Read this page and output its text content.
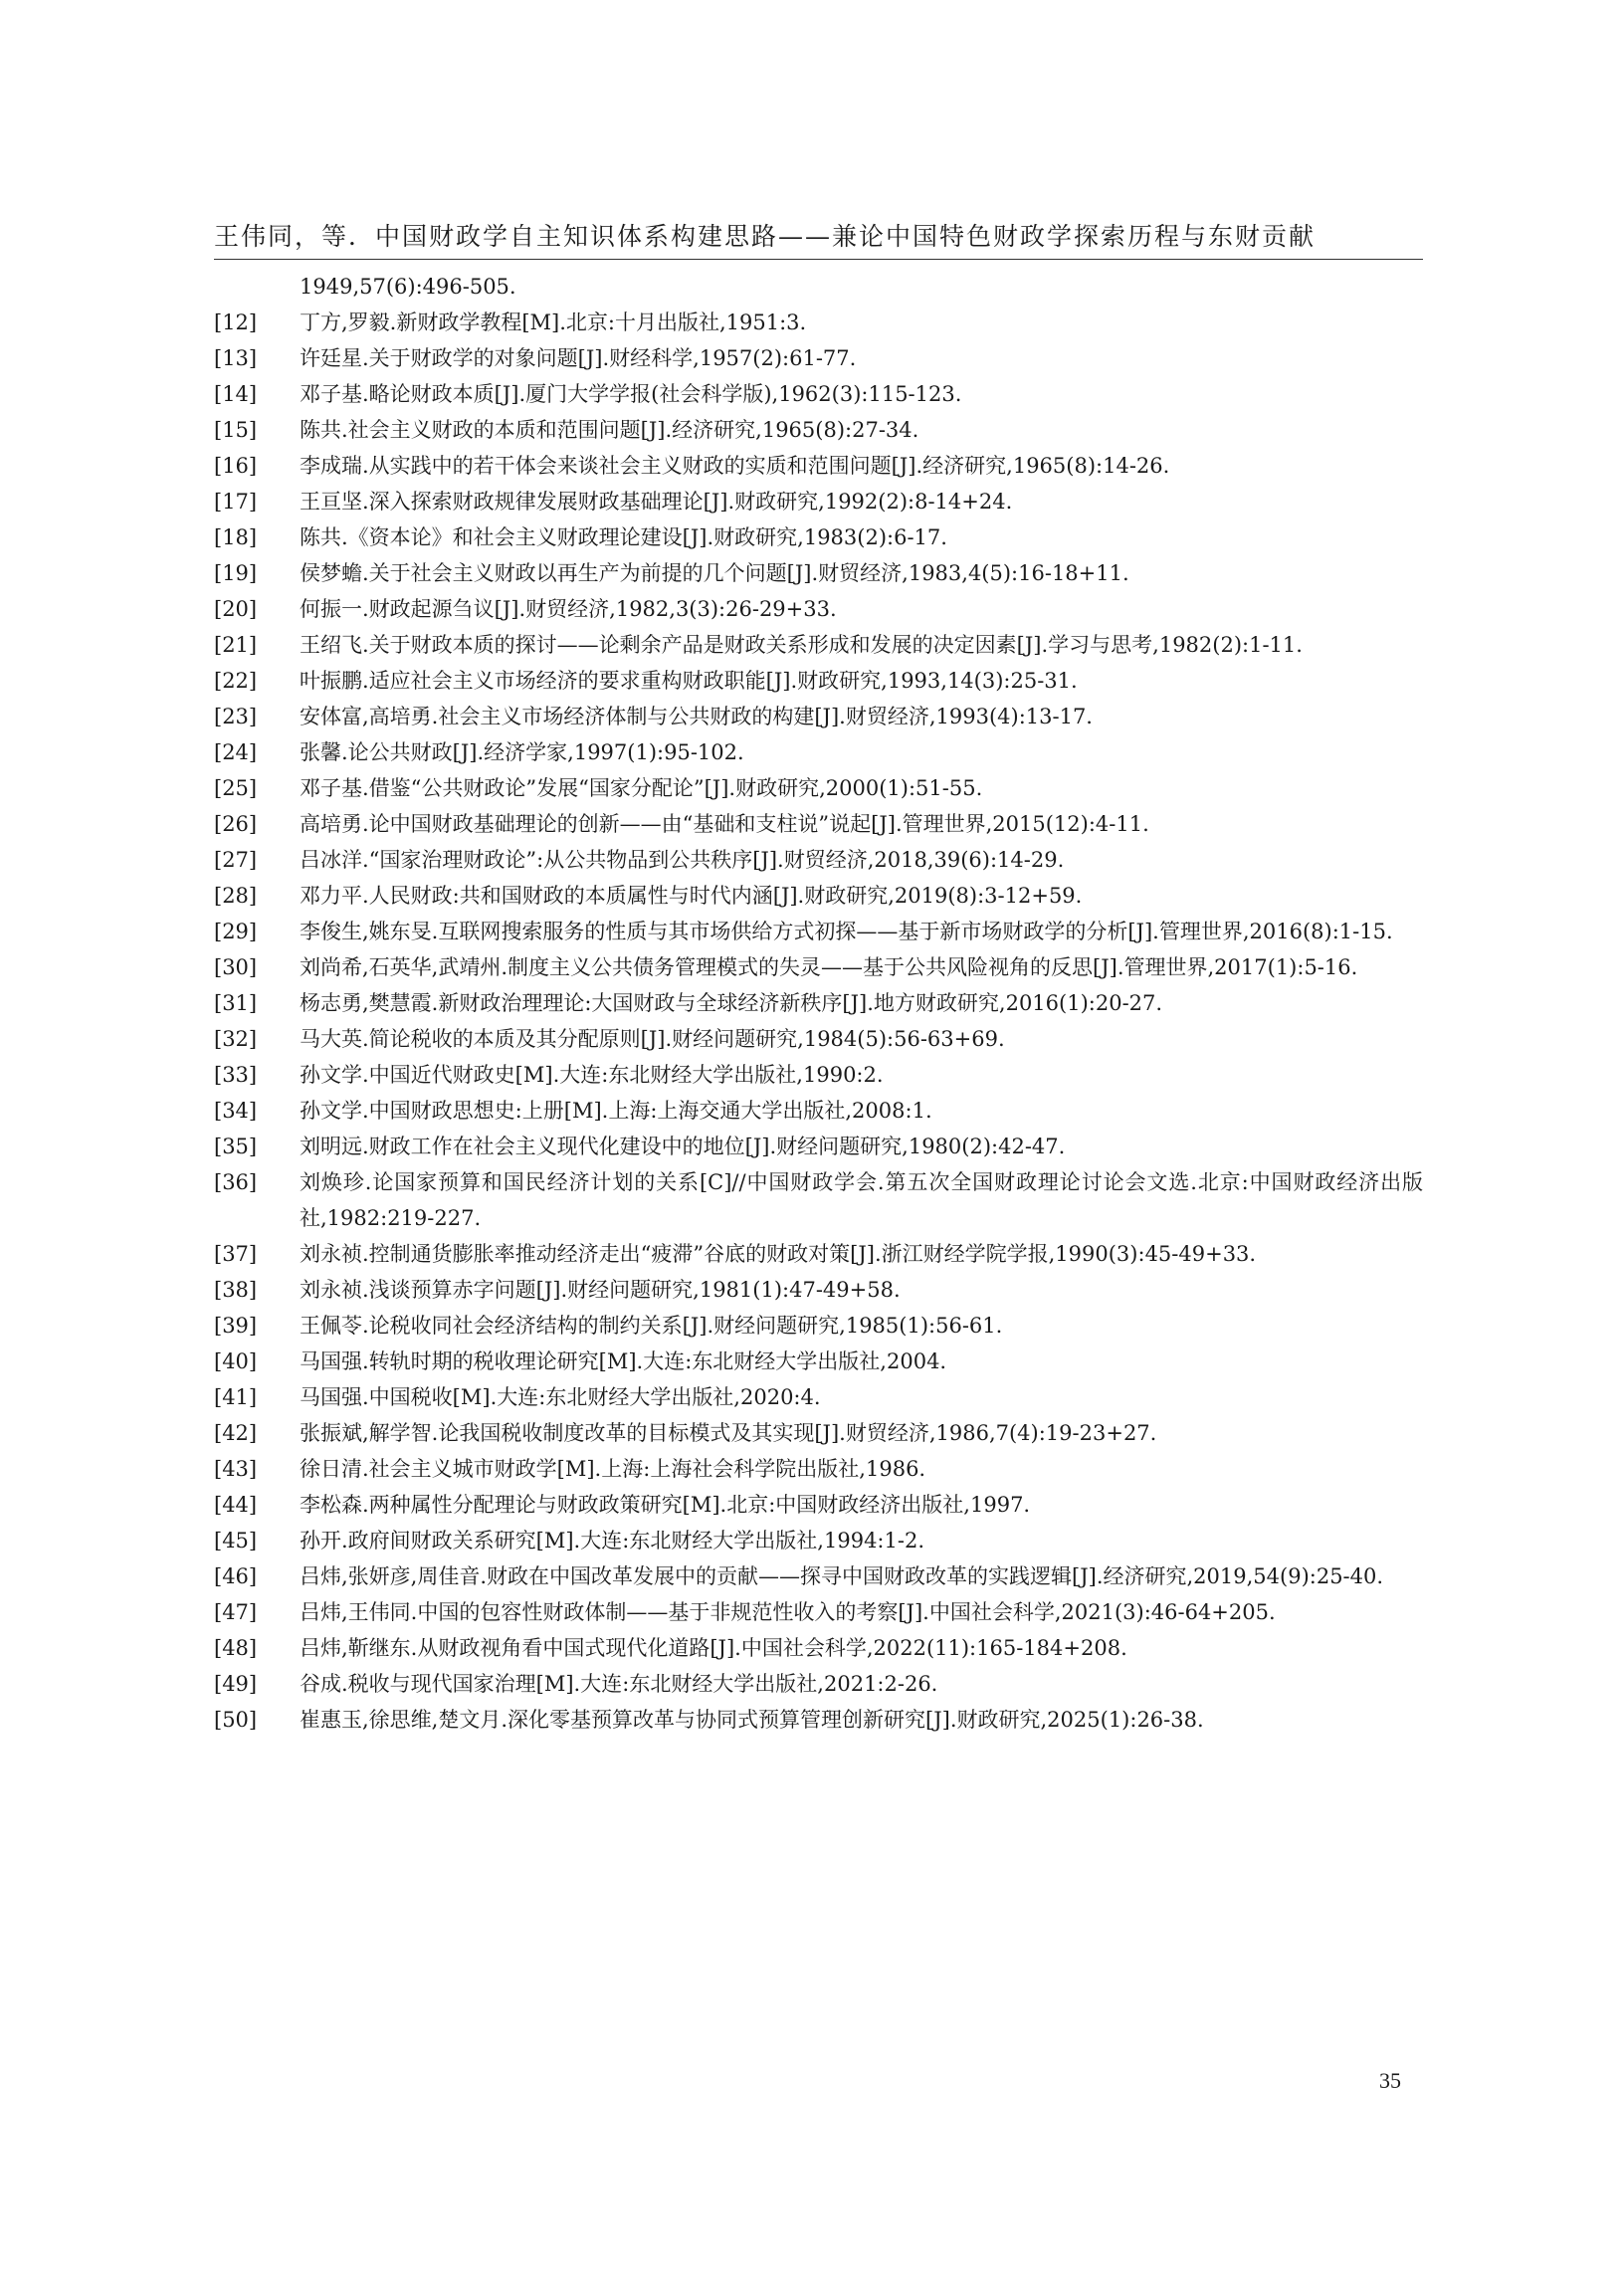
王伟同，等．中国财政学自主知识体系构建思路——兼论中国特色财政学探索历程与东财贡献
1949,57(6):496-505.
[12] 丁方,罗毅.新财政学教程[M].北京:十月出版社,1951:3.
[13] 许廷星.关于财政学的对象问题[J].财经科学,1957(2):61-77.
[14] 邓子基.略论财政本质[J].厦门大学学报(社会科学版),1962(3):115-123.
[15] 陈共.社会主义财政的本质和范围问题[J].经济研究,1965(8):27-34.
[16] 李成瑞.从实践中的若干体会来谈社会主义财政的实质和范围问题[J].经济研究,1965(8):14-26.
[17] 王亘坚.深入探索财政规律发展财政基础理论[J].财政研究,1992(2):8-14+24.
[18] 陈共.《资本论》和社会主义财政理论建设[J].财政研究,1983(2):6-17.
[19] 侯梦蟾.关于社会主义财政以再生产为前提的几个问题[J].财贸经济,1983,4(5):16-18+11.
[20] 何振一.财政起源刍议[J].财贸经济,1982,3(3):26-29+33.
[21] 王绍飞.关于财政本质的探讨——论剩余产品是财政关系形成和发展的决定因素[J].学习与思考,1982(2):1-11.
[22] 叶振鹏.适应社会主义市场经济的要求重构财政职能[J].财政研究,1993,14(3):25-31.
[23] 安体富,高培勇.社会主义市场经济体制与公共财政的构建[J].财贸经济,1993(4):13-17.
[24] 张馨.论公共财政[J].经济学家,1997(1):95-102.
[25] 邓子基.借鉴“公共财政论”发展“国家分配论”[J].财政研究,2000(1):51-55.
[26] 高培勇.论中国财政基础理论的创新——由“基础和支柱说”说起[J].管理世界,2015(12):4-11.
[27] 吕冰洋.“国家治理财政论”:从公共物品到公共秩序[J].财贸经济,2018,39(6):14-29.
[28] 邓力平.人民财政:共和国财政的本质属性与时代内涵[J].财政研究,2019(8):3-12+59.
[29] 李俊生,姚东旻.互联网搜索服务的性质与其市场供给方式初探——基于新市场财政学的分析[J].管理世界,2016(8):1-15.
[30] 刘尚希,石英华,武靖州.制度主义公共债务管理模式的失灵——基于公共风险视角的反思[J].管理世界,2017(1):5-16.
[31] 杨志勇,樊慧霞.新财政治理理论:大国财政与全球经济新秩序[J].地方财政研究,2016(1):20-27.
[32] 马大英.简论税收的本质及其分配原则[J].财经问题研究,1984(5):56-63+69.
[33] 孙文学.中国近代财政史[M].大连:东北财经大学出版社,1990:2.
[34] 孙文学.中国财政思想史:上册[M].上海:上海交通大学出版社,2008:1.
[35] 刘明远.财政工作在社会主义现代化建设中的地位[J].财经问题研究,1980(2):42-47.
[36] 刘焕珍.论国家预算和国民经济计划的关系[C]//中国财政学会.第五次全国财政理论讨论会文选.北京:中国财政经济出版社,1982:219-227.
[37] 刘永祯.控制通货膨胀率推动经济走出“疲滞”谷底的财政对策[J].浙江财经学院学报,1990(3):45-49+33.
[38] 刘永祯.浅谈预算赤字问题[J].财经问题研究,1981(1):47-49+58.
[39] 王佩苓.论税收同社会经济结构的制约关系[J].财经问题研究,1985(1):56-61.
[40] 马国强.转轨时期的税收理论研究[M].大连:东北财经大学出版社,2004.
[41] 马国强.中国税收[M].大连:东北财经大学出版社,2020:4.
[42] 张振斌,解学智.论我国税收制度改革的目标模式及其实现[J].财贸经济,1986,7(4):19-23+27.
[43] 徐日清.社会主义城市财政学[M].上海:上海社会科学院出版社,1986.
[44] 李松森.两种属性分配理论与财政政策研究[M].北京:中国财政经济出版社,1997.
[45] 孙开.政府间财政关系研究[M].大连:东北财经大学出版社,1994:1-2.
[46] 吕炜,张妍彦,周佳音.财政在中国改革发展中的贡献——探寻中国财政改革的实践逻辑[J].经济研究,2019,54(9):25-40.
[47] 吕炜,王伟同.中国的包容性财政体制——基于非规范性收入的考察[J].中国社会科学,2021(3):46-64+205.
[48] 吕炜,靳继东.从财政视角看中国式现代化道路[J].中国社会科学,2022(11):165-184+208.
[49] 谷成.税收与现代国家治理[M].大连:东北财经大学出版社,2021:2-26.
[50] 崔惠玉,徐思维,楚文月.深化零基预算改革与协同式预算管理创新研究[J].财政研究,2025(1):26-38.
35
